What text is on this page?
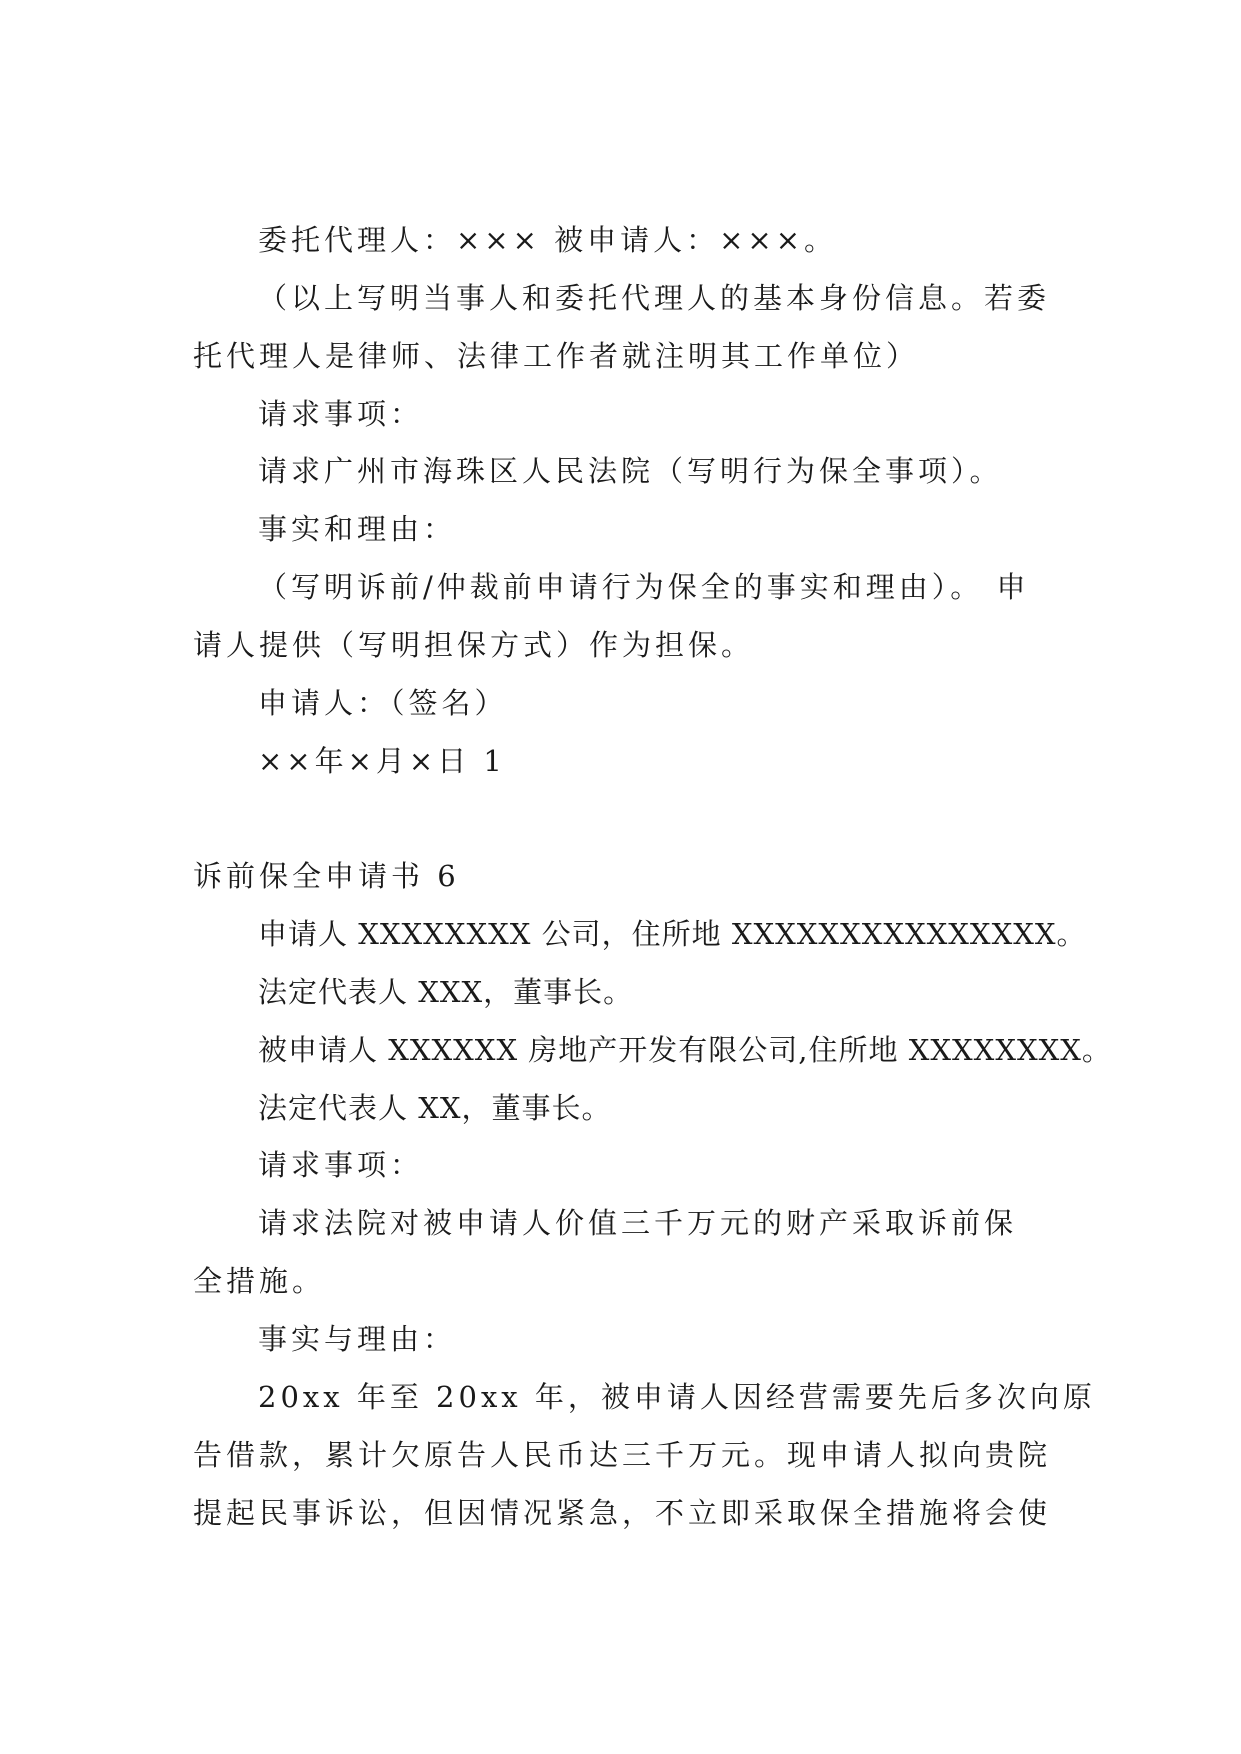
委托代理人：××× 被申请人：×××。

（以上写明当事人和委托代理人的基本身份信息。若委

托代理人是律师、法律工作者就注明其工作单位）

请求事项：

请求广州市海珠区人民法院（写明行为保全事项）。

事实和理由：

（写明诉前/仲裁前申请行为保全的事实和理由）。 申

请人提供（写明担保方式）作为担保。

申请人：（签名）

××年×月×日 1

诉前保全申请书 6

申请人 XXXXXXXX 公司，住所地 XXXXXXXXXXXXXXX。

法定代表人 XXX，董事长。

被申请人 XXXXXX 房地产开发有限公司,住所地 XXXXXXXX。

法定代表人 XX，董事长。

请求事项：

请求法院对被申请人价值三千万元的财产采取诉前保

全措施。

事实与理由：

20xx 年至 20xx 年，被申请人因经营需要先后多次向原

告借款，累计欠原告人民币达三千万元。现申请人拟向贵院

提起民事诉讼，但因情况紧急，不立即采取保全措施将会使
